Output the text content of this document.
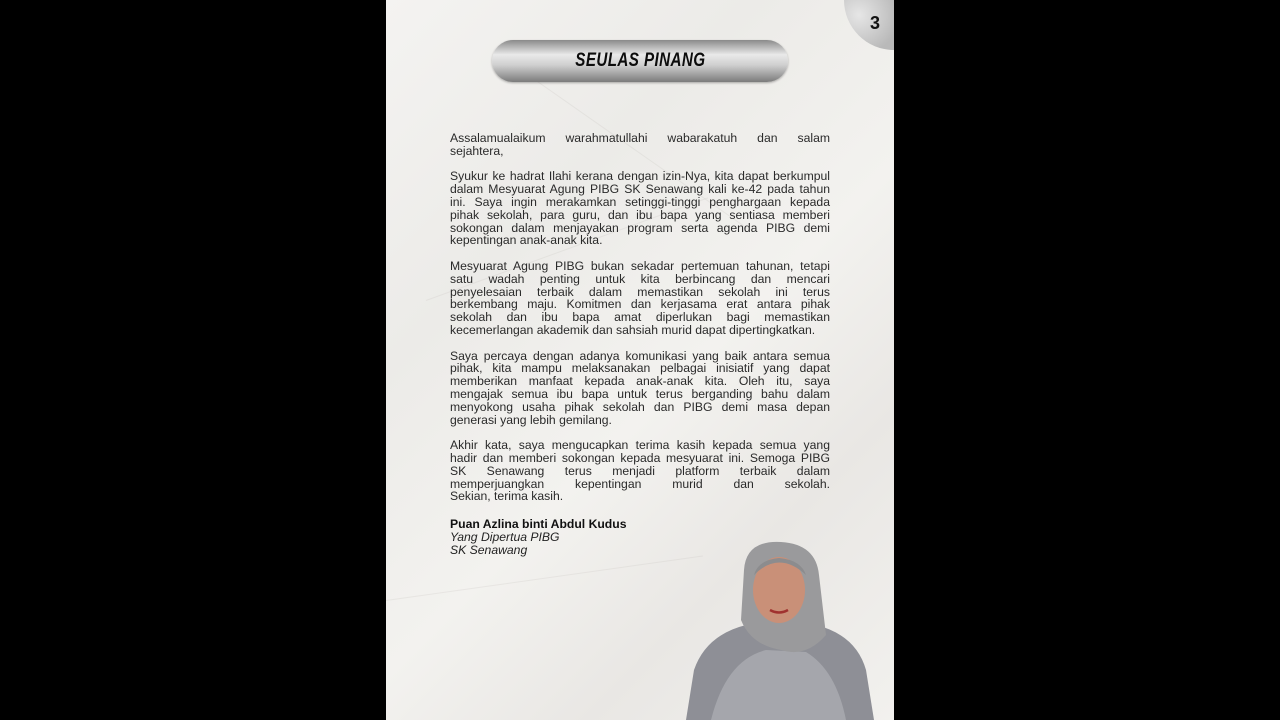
3
SEULAS PINANG
Assalamualaikum warahmatullahi wabarakatuh dan salam
sejahtera,
Syukur ke hadrat Ilahi kerana dengan izin-Nya, kita dapat berkumpul
dalam Mesyuarat Agung PIBG SK Senawang kali ke-42 pada tahun
ini. Saya ingin merakamkan setinggi-tinggi penghargaan kepada
pihak sekolah, para guru, dan ibu bapa yang sentiasa memberi
sokongan dalam menjayakan program serta agenda PIBG demi
kepentingan anak-anak kita.
Mesyuarat Agung PIBG bukan sekadar pertemuan tahunan, tetapi
satu wadah penting untuk kita berbincang dan mencari
penyelesaian terbaik dalam memastikan sekolah ini terus
berkembang maju. Komitmen dan kerjasama erat antara pihak
sekolah dan ibu bapa amat diperlukan bagi memastikan
kecemerlangan akademik dan sahsiah murid dapat dipertingkatkan.
Saya percaya dengan adanya komunikasi yang baik antara semua
pihak, kita mampu melaksanakan pelbagai inisiatif yang dapat
memberikan manfaat kepada anak-anak kita. Oleh itu, saya
mengajak semua ibu bapa untuk terus berganding bahu dalam
menyokong usaha pihak sekolah dan PIBG demi masa depan
generasi yang lebih gemilang.
Akhir kata, saya mengucapkan terima kasih kepada semua yang
hadir dan memberi sokongan kepada mesyuarat ini. Semoga PIBG
SK Senawang terus menjadi platform terbaik dalam
memperjuangkan kepentingan murid dan sekolah.
Sekian, terima kasih.
Puan Azlina binti Abdul Kudus
Yang Dipertua PIBG
SK Senawang
